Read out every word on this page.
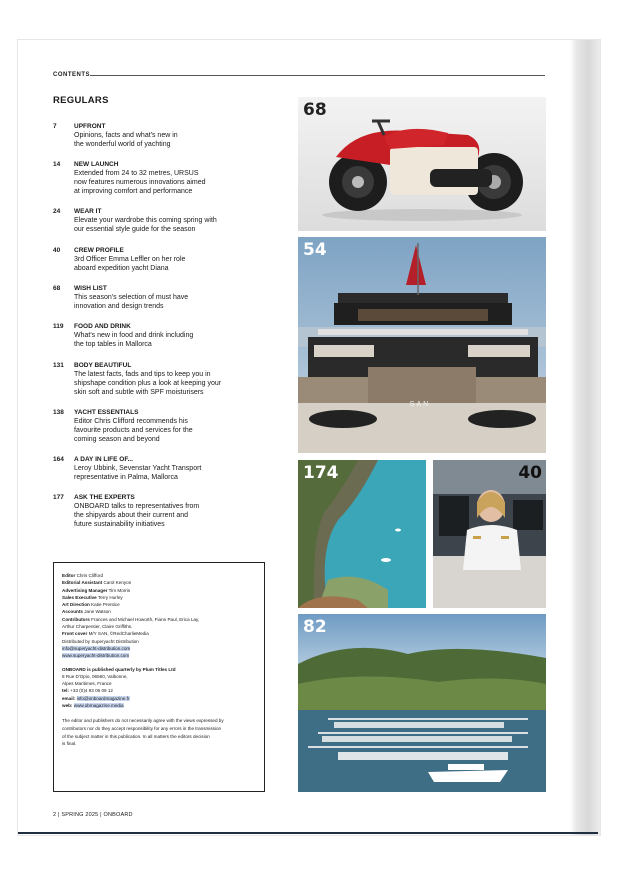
CONTENTS
REGULARS
7	UPFRONT
Opinions, facts and what's new in
the wonderful world of yachting
14	NEW LAUNCH
Extended from 24 to 32 metres, URSUS
now features numerous innovations aimed
at improving comfort and performance
24	WEAR IT
Elevate your wardrobe this coming spring with
our essential style guide for the season
40	CREW PROFILE
3rd Officer Emma Leffler on her role
aboard expedition yacht Diana
68	WISH LIST
This season's selection of must have
innovation and design trends
119	FOOD AND DRINK
What's new in food and drink including
the top tables in Mallorca
131	BODY BEAUTIFUL
The latest facts, fads and tips to keep you in
shipshape condition plus a look at keeping your
skin soft and subtle with SPF moisturisers
138	YACHT ESSENTIALS
Editor Chris Clifford recommends his
favourite products and services for the
coming season and beyond
164	A DAY IN LIFE OF...
Leroy Ubbink, Sevenstar Yacht Transport
representative in Palma, Mallorca
177	ASK THE EXPERTS
ONBOARD talks to representatives from
the shipyards about their current and
future sustainability initiatives
Editor Chris Clifford
Editorial Assistant Carol Kenyon
Advertising Manager Tim Morris
Sales Executive Terry Hurley
Art Direction Katie Prentice
Accounts Jane Watson
Contributors Frances and Michael Howorth, Fiann Paul, Erica Lay,
Arthur Charpentier, Claire Griffiths.
Front cover M/Y SAN, ©RedCharlieMedia
Distributed by Superyacht Distribution
info@superyacht-distribution.com
www.superyacht-distribution.com
ONBOARD is published quarterly by Plum Titles Ltd
8 Rue D'Opio, 06560, Valbonne,
Alpes Maritimes, France
tel: +33 (0)4 93 06 09 12
email: info@onboardmagazine.fr
web: www.obmagazine.media
The editor and publishers do not necessarily agree with the views expressed by
contributors nor do they accept responsibility for any errors in the transmission
of the subject matter in this publication. In all matters the editors decision
is final.
2 | SPRING 2025 | ONBOARD
68
SAN
54
174	40
82
